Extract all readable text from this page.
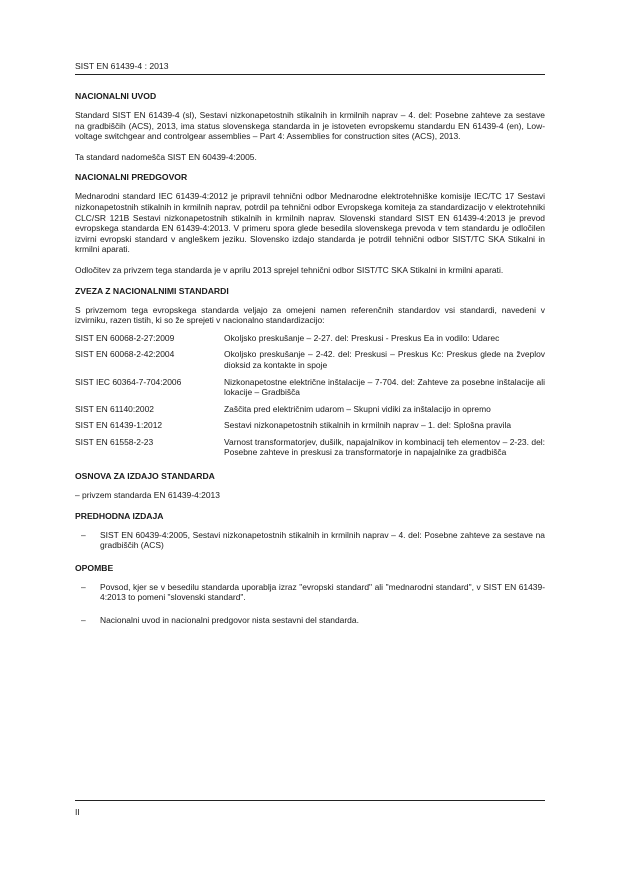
SIST EN 61439-4 : 2013
NACIONALNI UVOD

Standard SIST EN 61439-4 (sl), Sestavi nizkonapetostnih stikalnih in krmilnih naprav – 4. del: Posebne zahteve za sestave na gradbiščih (ACS), 2013, ima status slovenskega standarda in je istoveten evropskemu standardu EN 61439-4 (en), Low-voltage switchgear and controlgear assemblies – Part 4: Assemblies for construction sites (ACS), 2013.

Ta standard nadomešča SIST EN 60439-4:2005.

NACIONALNI PREDGOVOR

Mednarodni standard IEC 61439-4:2012 je pripravil tehnični odbor Mednarodne elektrotehniške komisije IEC/TC 17 Sestavi nizkonapetostnih stikalnih in krmilnih naprav, potrdil pa tehnični odbor Evropskega komiteja za standardizacijo v elektrotehniki CLC/SR 121B Sestavi nizkonapetostnih stikalnih in krmilnih naprav. Slovenski standard SIST EN 61439-4:2013 je prevod evropskega standarda EN 61439-4:2013. V primeru spora glede besedila slovenskega prevoda v tem standardu je odločilen izvirni evropski standard v angleškem jeziku. Slovensko izdajo standarda je potrdil tehnični odbor SIST/TC SKA Stikalni in krmilni aparati.

Odločitev za privzem tega standarda je v aprilu 2013 sprejel tehnični odbor SIST/TC SKA Stikalni in krmilni aparati.

ZVEZA Z NACIONALNIMI STANDARDI

S privzemom tega evropskega standarda veljajo za omejeni namen referenčnih standardov vsi standardi, navedeni v izvirniku, razen tistih, ki so že sprejeti v nacionalno standardizacijo:

SIST EN 60068-2-27:2009	Okoljsko preskušanje – 2-27. del: Preskusi - Preskus Ea in vodilo: Udarec
SIST EN 60068-2-42:2004	Okoljsko preskušanje – 2-42. del: Preskusi – Preskus Kc: Preskus glede na žveplov dioksid za kontakte in spoje
SIST IEC 60364-7-704:2006	Nizkonapetostne električne inštalacije – 7-704. del: Zahteve za posebne inštalacije ali lokacije – Gradbišča
SIST EN 61140:2002	Zaščita pred električnim udarom – Skupni vidiki za inštalacijo in opremo
SIST EN 61439-1:2012	Sestavi nizkonapetostnih stikalnih in krmilnih naprav – 1. del: Splošna pravila
SIST EN 61558-2-23	Varnost transformatorjev, dušilk, napajalnikov in kombinacij teh elementov – 2-23. del: Posebne zahteve in preskusi za transformatorje in napajalnike za gradbišča
OSNOVA ZA IZDAJO STANDARDA

– privzem standarda EN 61439-4:2013

PREDHODNA IZDAJA
– SIST EN 60439-4:2005, Sestavi nizkonapetostnih stikalnih in krmilnih naprav – 4. del: Posebne zahteve za sestave na gradbiščih (ACS)
OPOMBE
– Povsod, kjer se v besedilu standarda uporablja izraz "evropski standard" ali "mednarodni standard", v SIST EN 61439-4:2013 to pomeni "slovenski standard".
– Nacionalni uvod in nacionalni predgovor nista sestavni del standarda.
II
